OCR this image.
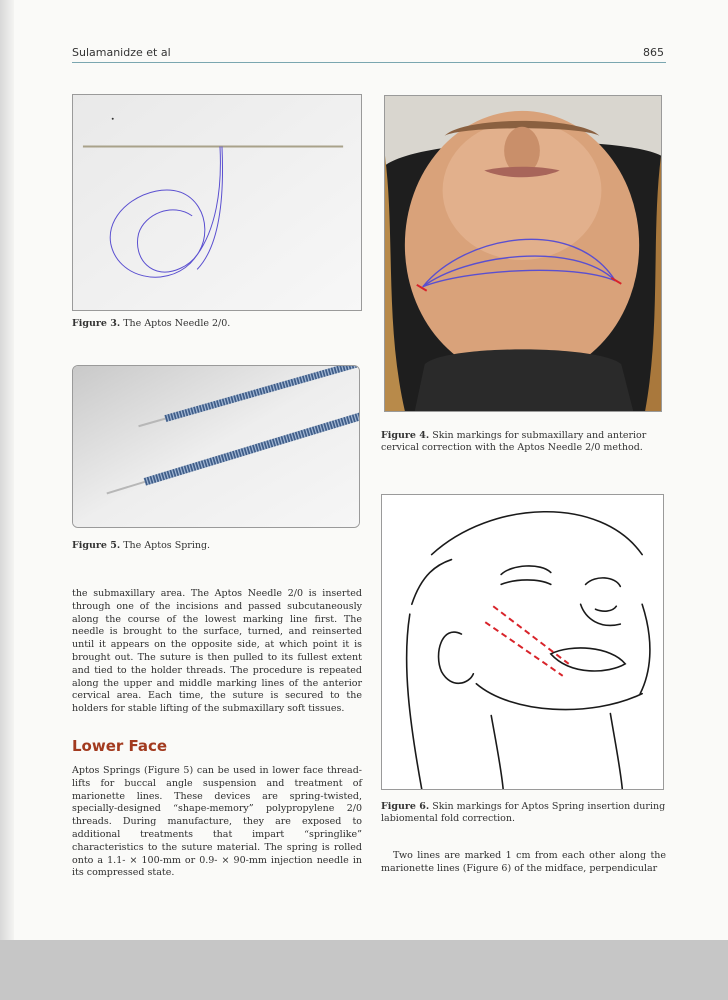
Sulamanidze et al	865
Figure 3. The Aptos Needle 2/0.
Figure 4. Skin markings for submaxillary and anterior cervical correction with the Aptos Needle 2/0 method.
Figure 5. The Aptos Spring.
Figure 6. Skin markings for Aptos Spring insertion during labiomental fold correction.

the submaxillary area. The Aptos Needle 2/0 is inserted through one of the incisions and passed subcutaneously along the course of the lowest marking line first. The needle is brought to the surface, turned, and reinserted until it appears on the opposite side, at which point it is brought out. The suture is then pulled to its fullest extent and tied to the holder threads. The procedure is repeated along the upper and middle marking lines of the anterior cervical area. Each time, the suture is secured to the holders for stable lifting of the submaxillary soft tissues.

Lower Face

Aptos Springs (Figure 5) can be used in lower face thread-lifts for buccal angle suspension and treatment of marionette lines. These devices are spring-twisted, specially-designed “shape-memory” polypropylene 2/0 threads. During manufacture, they are exposed to additional treatments that impart “springlike” characteristics to the suture material. The spring is rolled onto a 1.1- × 100-mm or 0.9- × 90-mm injection needle in its compressed state.

Two lines are marked 1 cm from each other along the marionette lines (Figure 6) of the midface, perpendicular
